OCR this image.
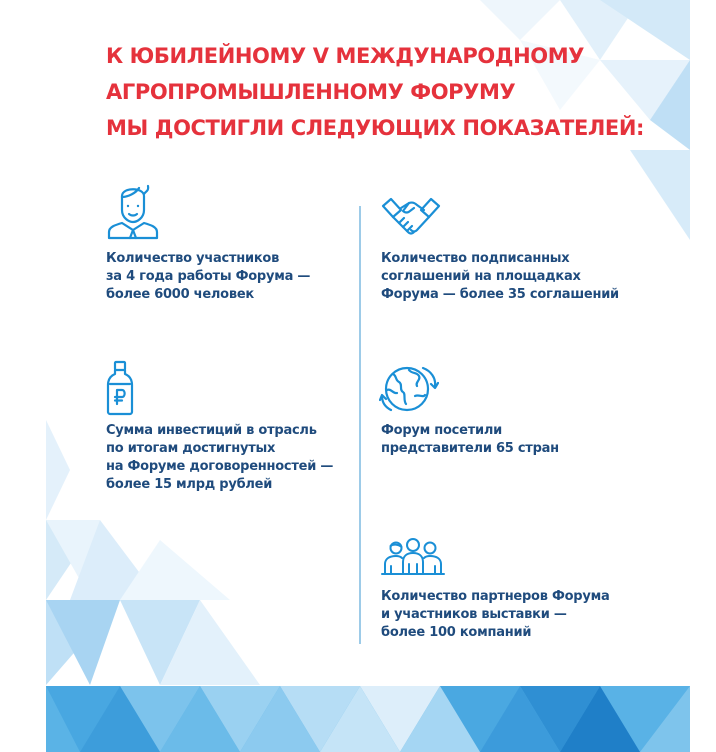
К ЮБИЛЕЙНОМУ V МЕЖДУНАРОДНОМУ
АГРОПРОМЫШЛЕННОМУ ФОРУМУ
МЫ ДОСТИГЛИ СЛЕДУЮЩИХ ПОКАЗАТЕЛЕЙ:

Количество участников
за 4 года работы Форума —
более 6000 человек

Количество подписанных
соглашений на площадках
Форума — более 35 соглашений

Сумма инвестиций в отрасль
по итогам достигнутых
на Форуме договоренностей —
более 15 млрд рублей

Форум посетили
представители 65 стран

Количество партнеров Форума
и участников выставки —
более 100 компаний
